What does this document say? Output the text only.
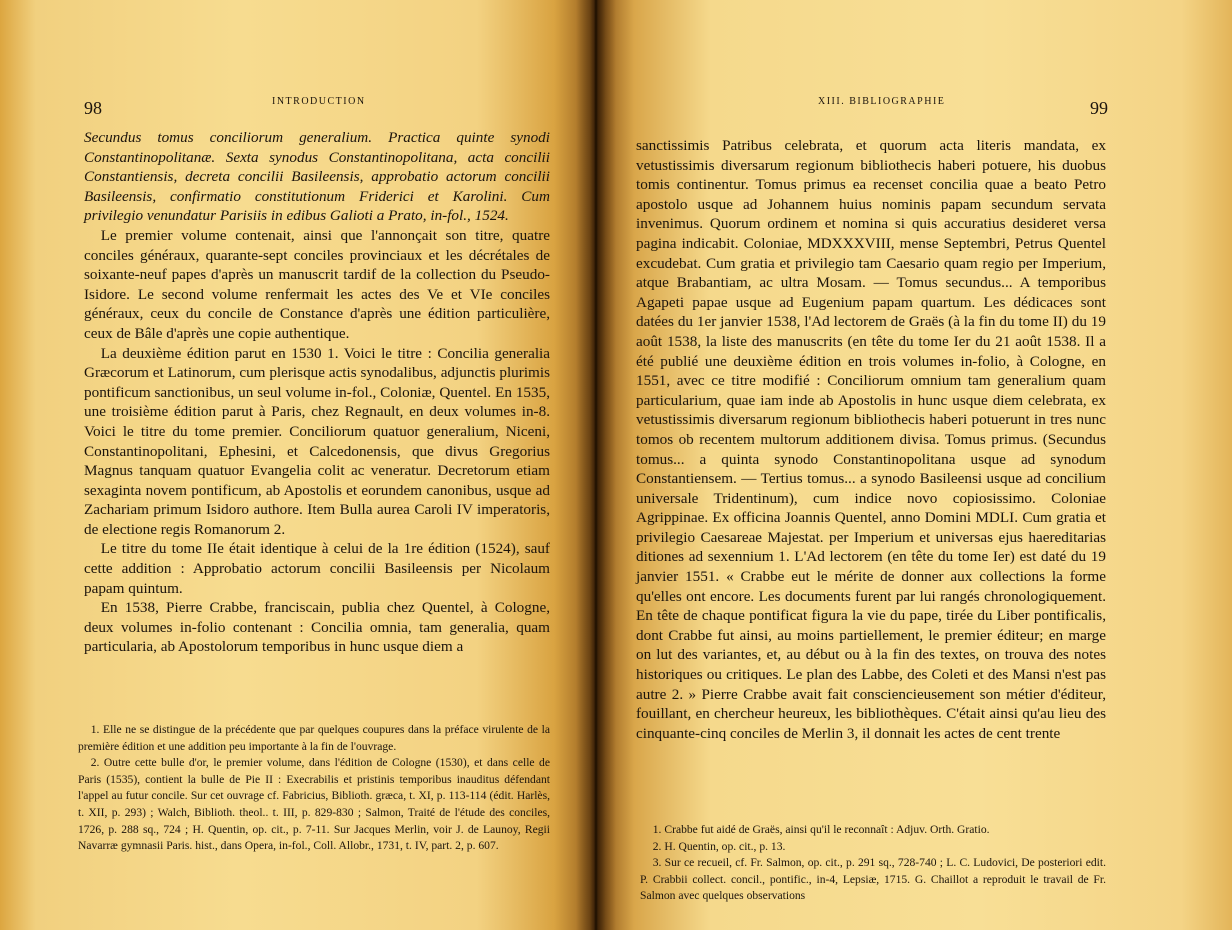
98	INTRODUCTION

Secundus tomus conciliorum generalium. Practica quinte synodi Constantinopolitanæ. Sexta synodus Constantinopolitana, acta concilii Constantiensis, decreta concilii Basileensis, approbatio actorum concilii Basileensis, confirmatio constitutionum Friderici et Karolini. Cum privilegio venundatur Parisiis in edibus Galioti a Prato, in-fol., 1524.

Le premier volume contenait, ainsi que l'annonçait son titre, quatre conciles généraux, quarante-sept conciles provinciaux et les décrétales de soixante-neuf papes d'après un manuscrit tardif de la collection du Pseudo-Isidore. Le second volume renfermait les actes des Ve et VIe conciles généraux, ceux du concile de Constance d'après une édition particulière, ceux de Bâle d'après une copie authentique.

La deuxième édition parut en 1530 1. Voici le titre : Concilia generalia Græcorum et Latinorum, cum plerisque actis synodalibus, adjunctis plurimis pontificum sanctionibus, un seul volume in-fol., Coloniæ, Quentel. En 1535, une troisième édition parut à Paris, chez Regnault, en deux volumes in-8. Voici le titre du tome premier. Conciliorum quatuor generalium, Niceni, Constantinopolitani, Ephesini, et Calcedonensis, que divus Gregorius Magnus tanquam quatuor Evangelia colit ac veneratur. Decretorum etiam sexaginta novem pontificum, ab Apostolis et eorundem canonibus, usque ad Zachariam primum Isidoro authore. Item Bulla aurea Caroli IV imperatoris, de electione regis Romanorum 2.

Le titre du tome IIe était identique à celui de la 1re édition (1524), sauf cette addition : Approbatio actorum concilii Basileensis per Nicolaum papam quintum.

En 1538, Pierre Crabbe, franciscain, publia chez Quentel, à Cologne, deux volumes in-folio contenant : Concilia omnia, tam generalia, quam particularia, ab Apostolorum temporibus in hunc usque diem a

1. Elle ne se distingue de la précédente que par quelques coupures dans la préface virulente de la première édition et une addition peu importante à la fin de l'ouvrage.

2. Outre cette bulle d'or, le premier volume, dans l'édition de Cologne (1530), et dans celle de Paris (1535), contient la bulle de Pie II : Execrabilis et pristinis temporibus inauditus défendant l'appel au futur concile. Sur cet ouvrage cf. Fabricius, Biblioth. græca, t. XI, p. 113-114 (édit. Harlès, t. XII, p. 293) ; Walch, Biblioth. theol.. t. III, p. 829-830 ; Salmon, Traité de l'étude des conciles, 1726, p. 288 sq., 724 ; H. Quentin, op. cit., p. 7-11. Sur Jacques Merlin, voir J. de Launoy, Regii Navarræ gymnasii Paris. hist., dans Opera, in-fol., Coll. Allobr., 1731, t. IV, part. 2, p. 607.

XIII. BIBLIOGRAPHIE	99

sanctissimis Patribus celebrata, et quorum acta literis mandata, ex vetustissimis diversarum regionum bibliothecis haberi potuere, his duobus tomis continentur. Tomus primus ea recenset concilia quae a beato Petro apostolo usque ad Johannem huius nominis papam secundum servata invenimus. Quorum ordinem et nomina si quis accuratius desideret versa pagina indicabit. Coloniae, MDXXXVIII, mense Septembri, Petrus Quentel excudebat. Cum gratia et privilegio tam Caesario quam regio per Imperium, atque Brabantiam, ac ultra Mosam. — Tomus secundus... A temporibus Agapeti papae usque ad Eugenium papam quartum. Les dédicaces sont datées du 1er janvier 1538, l'Ad lectorem de Graës (à la fin du tome II) du 19 août 1538, la liste des manuscrits (en tête du tome Ier du 21 août 1538. Il a été publié une deuxième édition en trois volumes in-folio, à Cologne, en 1551, avec ce titre modifié : Conciliorum omnium tam generalium quam particularium, quae iam inde ab Apostolis in hunc usque diem celebrata, ex vetustissimis diversarum regionum bibliothecis haberi potuerunt in tres nunc tomos ob recentem multorum additionem divisa. Tomus primus. (Secundus tomus... a quinta synodo Constantinopolitana usque ad synodum Constantiensem. — Tertius tomus... a synodo Basileensi usque ad concilium universale Tridentinum), cum indice novo copiosissimo. Coloniae Agrippinae. Ex officina Joannis Quentel, anno Domini MDLI. Cum gratia et privilegio Caesareae Majestat. per Imperium et universas ejus haereditarias ditiones ad sexennium 1. L'Ad lectorem (en tête du tome Ier) est daté du 19 janvier 1551. « Crabbe eut le mérite de donner aux collections la forme qu'elles ont encore. Les documents furent par lui rangés chronologiquement. En tête de chaque pontificat figura la vie du pape, tirée du Liber pontificalis, dont Crabbe fut ainsi, au moins partiellement, le premier éditeur; en marge on lut des variantes, et, au début ou à la fin des textes, on trouva des notes historiques ou critiques. Le plan des Labbe, des Coleti et des Mansi n'est pas autre 2. » Pierre Crabbe avait fait consciencieusement son métier d'éditeur, fouillant, en chercheur heureux, les bibliothèques. C'était ainsi qu'au lieu des cinquante-cinq conciles de Merlin 3, il donnait les actes de cent trente

1. Crabbe fut aidé de Graës, ainsi qu'il le reconnaît : Adjuv. Orth. Gratio.

2. H. Quentin, op. cit., p. 13.

3. Sur ce recueil, cf. Fr. Salmon, op. cit., p. 291 sq., 728-740 ; L. C. Ludovici, De posteriori edit. P. Crabbii collect. concil., pontific., in-4, Lepsiæ, 1715. G. Chaillot a reproduit le travail de Fr. Salmon avec quelques observations
